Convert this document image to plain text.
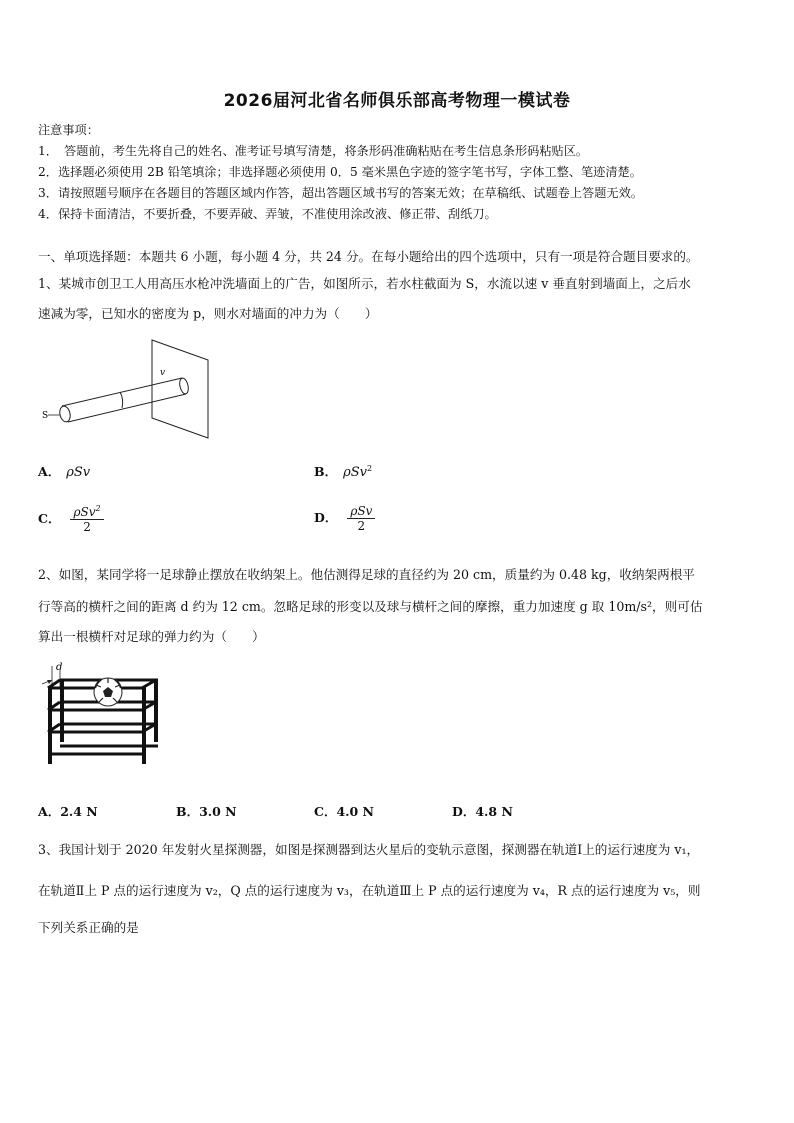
2026届河北省名师俱乐部高考物理一模试卷
注意事项：
1．　答题前，考生先将自己的姓名、准考证号填写清楚，将条形码准确粘贴在考生信息条形码粘贴区。
2．选择题必须使用 2B 铅笔填涂；非选择题必须使用 0．5 毫米黑色字迹的签字笔书写，字体工整、笔迹清楚。
3．请按照题号顺序在各题目的答题区域内作答，超出答题区域书写的答案无效；在草稿纸、试题卷上答题无效。
4．保持卡面清洁，不要折叠，不要弄破、弄皱，不准使用涂改液、修正带、刮纸刀。
一、单项选择题：本题共 6 小题，每小题 4 分，共 24 分。在每小题给出的四个选项中，只有一项是符合题目要求的。
1、某城市创卫工人用高压水枪冲洗墙面上的广告，如图所示，若水柱截面为 S，水流以速 v 垂直射到墙面上，之后水
速减为零，已知水的密度为 p，则水对墙面的冲力为（　　）
v
S
A． ρSv	B． ρSv$^2$
C． $\frac{\rho Sv^2}{2}$	D． $\frac{\text{ρSv}}{2}$
2、如图，某同学将一足球静止摆放在收纳架上。他估测得足球的直径约为 20 cm，质量约为 0.48 kg，收纳架两根平
行等高的横杆之间的距离 d 约为 12 cm。忽略足球的形变以及球与横杆之间的摩擦，重力加速度 g 取 10m/s²，则可估
算出一根横杆对足球的弹力约为（　　）
d
A．2.4 N	B．3.0 N	C．4.0 N	D．4.8 N
3、我国计划于 2020 年发射火星探测器，如图是探测器到达火星后的变轨示意图，探测器在轨道Ⅰ上的运行速度为 v₁，
在轨道Ⅱ上 P 点的运行速度为 v₂，Q 点的运行速度为 v₃，在轨道Ⅲ上 P 点的运行速度为 v₄，R 点的运行速度为 v₅，则
下列关系正确的是
